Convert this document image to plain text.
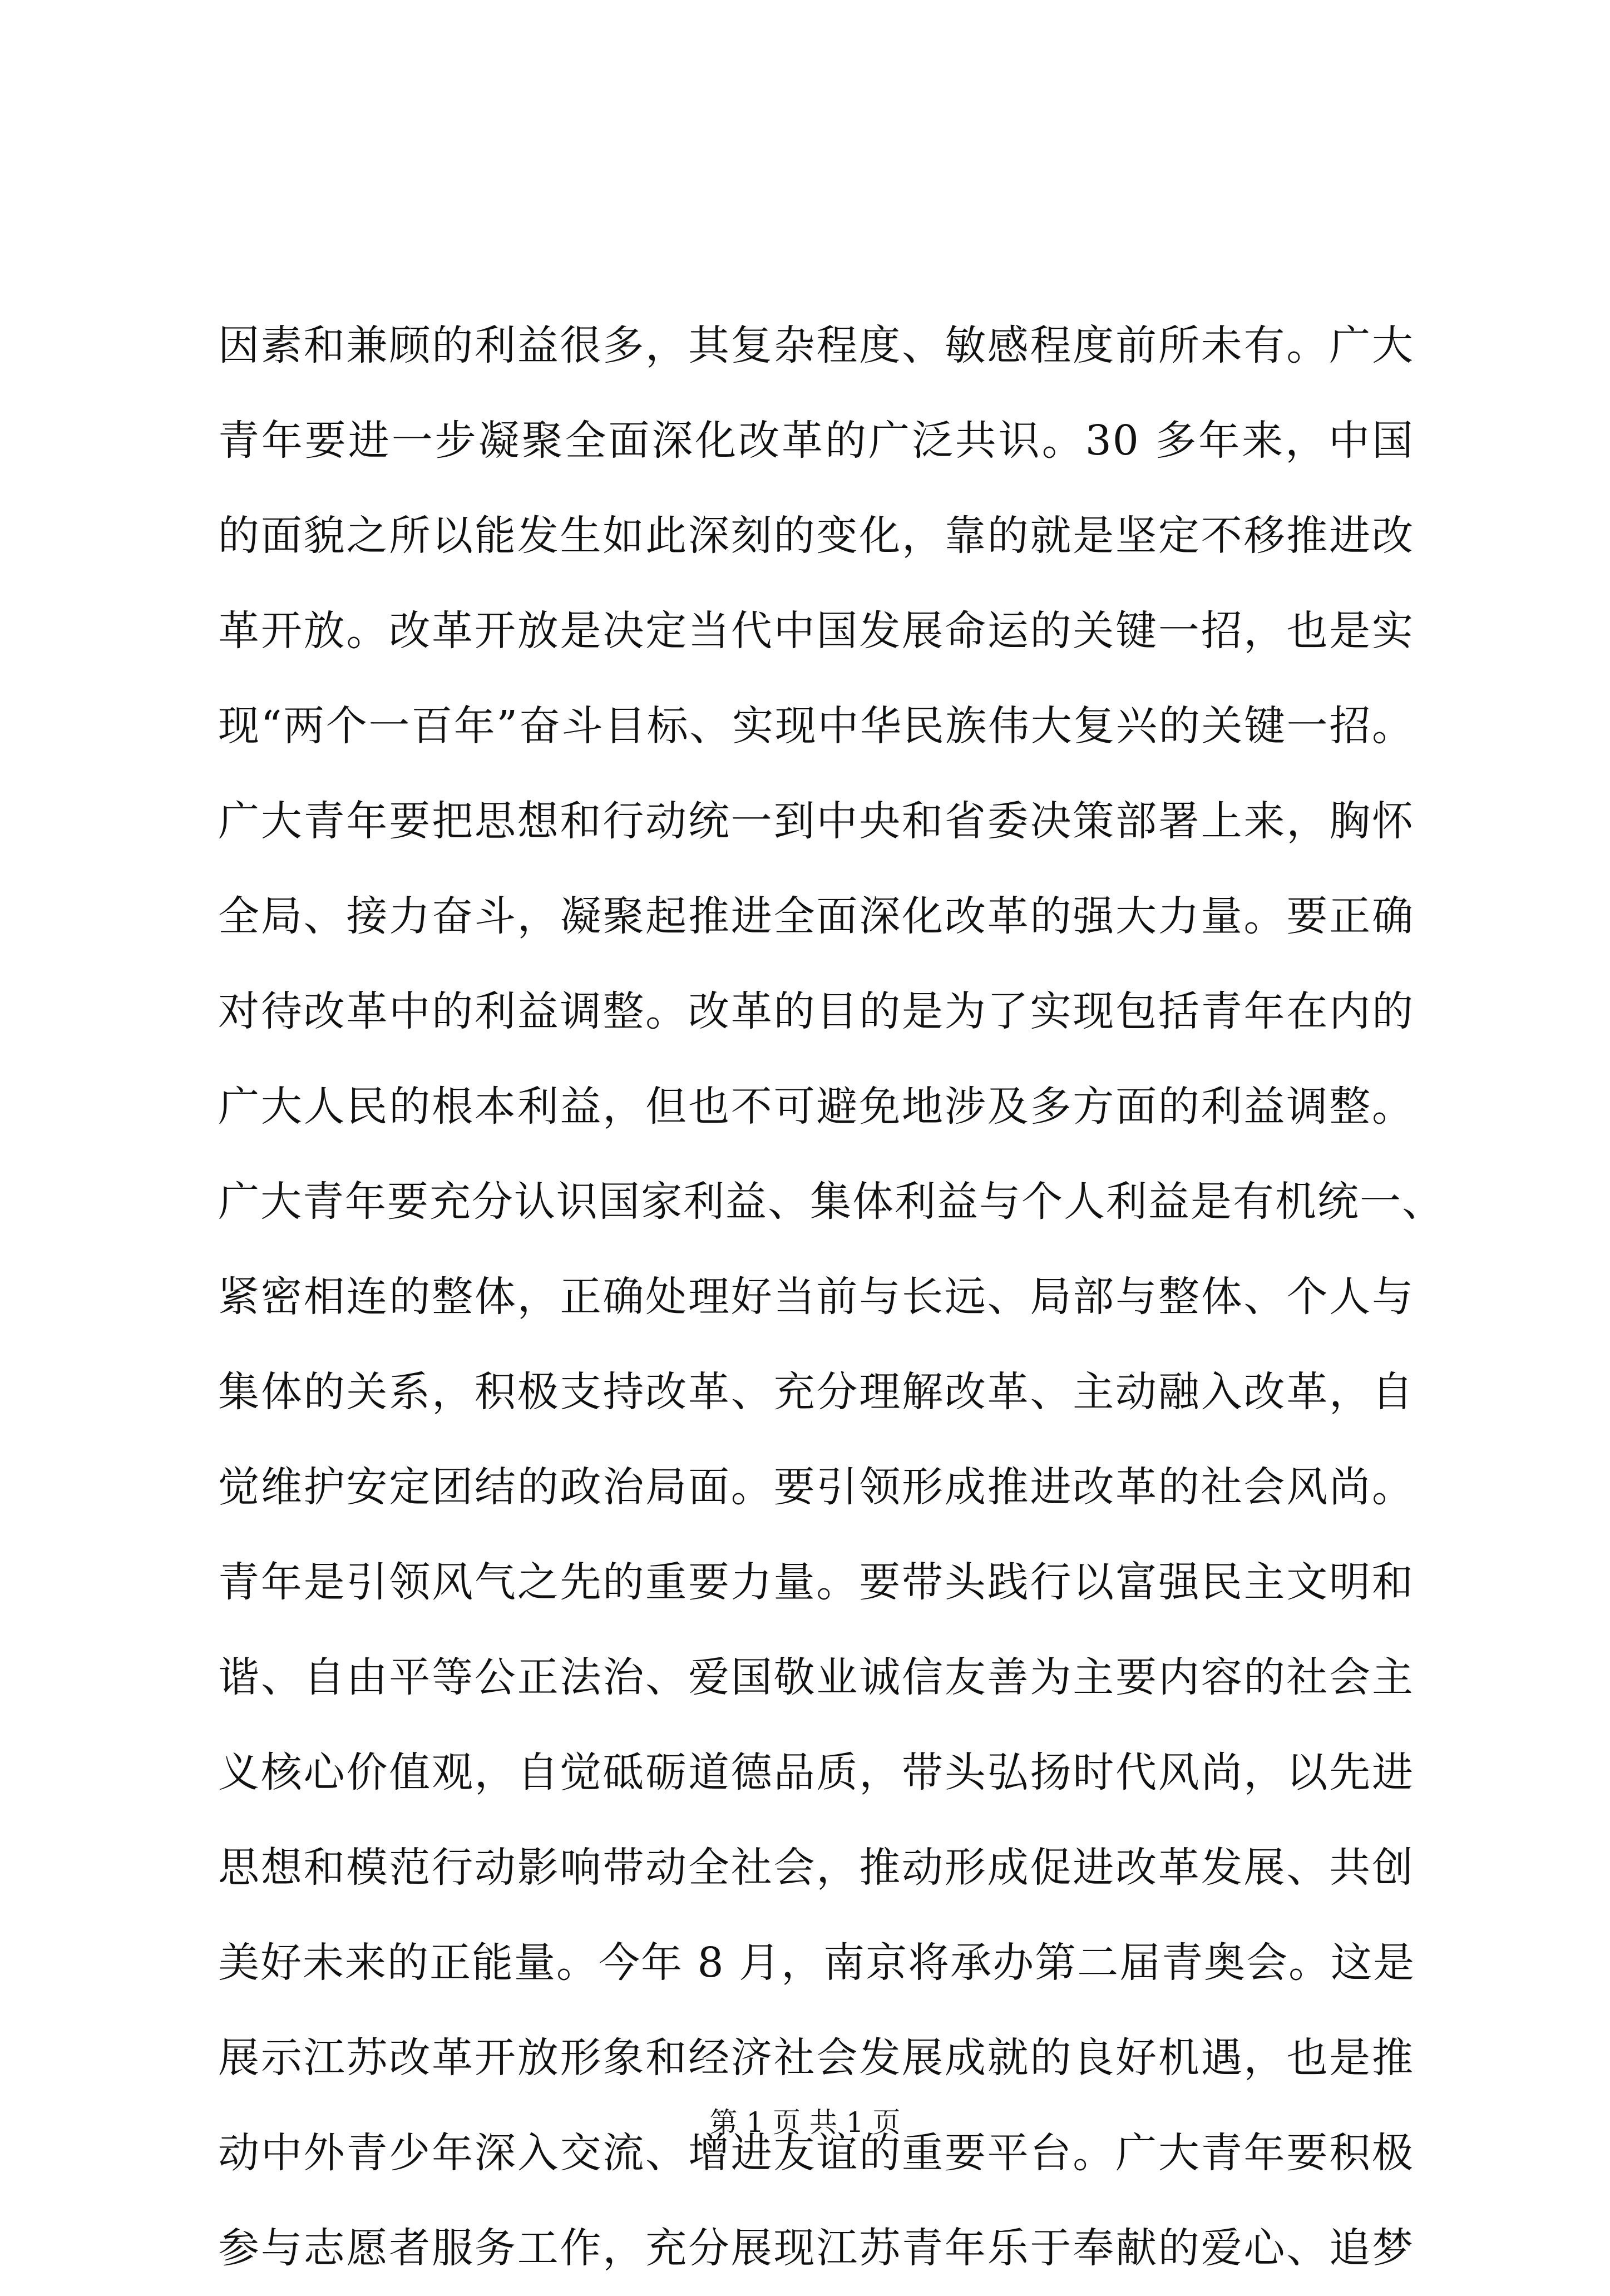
因素和兼顾的利益很多，其复杂程度、敏感程度前所未有。广大
青年要进一步凝聚全面深化改革的广泛共识。30 多年来，中国
的面貌之所以能发生如此深刻的变化，靠的就是坚定不移推进改
革开放。改革开放是决定当代中国发展命运的关键一招，也是实
现“两个一百年”奋斗目标、实现中华民族伟大复兴的关键一招。
广大青年要把思想和行动统一到中央和省委决策部署上来，胸怀
全局、接力奋斗，凝聚起推进全面深化改革的强大力量。要正确
对待改革中的利益调整。改革的目的是为了实现包括青年在内的
广大人民的根本利益，但也不可避免地涉及多方面的利益调整。
广大青年要充分认识国家利益、集体利益与个人利益是有机统一、
紧密相连的整体，正确处理好当前与长远、局部与整体、个人与
集体的关系，积极支持改革、充分理解改革、主动融入改革，自
觉维护安定团结的政治局面。要引领形成推进改革的社会风尚。
青年是引领风气之先的重要力量。要带头践行以富强民主文明和
谐、自由平等公正法治、爱国敬业诚信友善为主要内容的社会主
义核心价值观，自觉砥砺道德品质，带头弘扬时代风尚，以先进
思想和模范行动影响带动全社会，推动形成促进改革发展、共创
美好未来的正能量。今年 8 月，南京将承办第二届青奥会。这是
展示江苏改革开放形象和经济社会发展成就的良好机遇，也是推
动中外青少年深入交流、增进友谊的重要平台。广大青年要积极
参与志愿者服务工作，充分展现江苏青年乐于奉献的爱心、追梦
第 1 页 共 1 页
